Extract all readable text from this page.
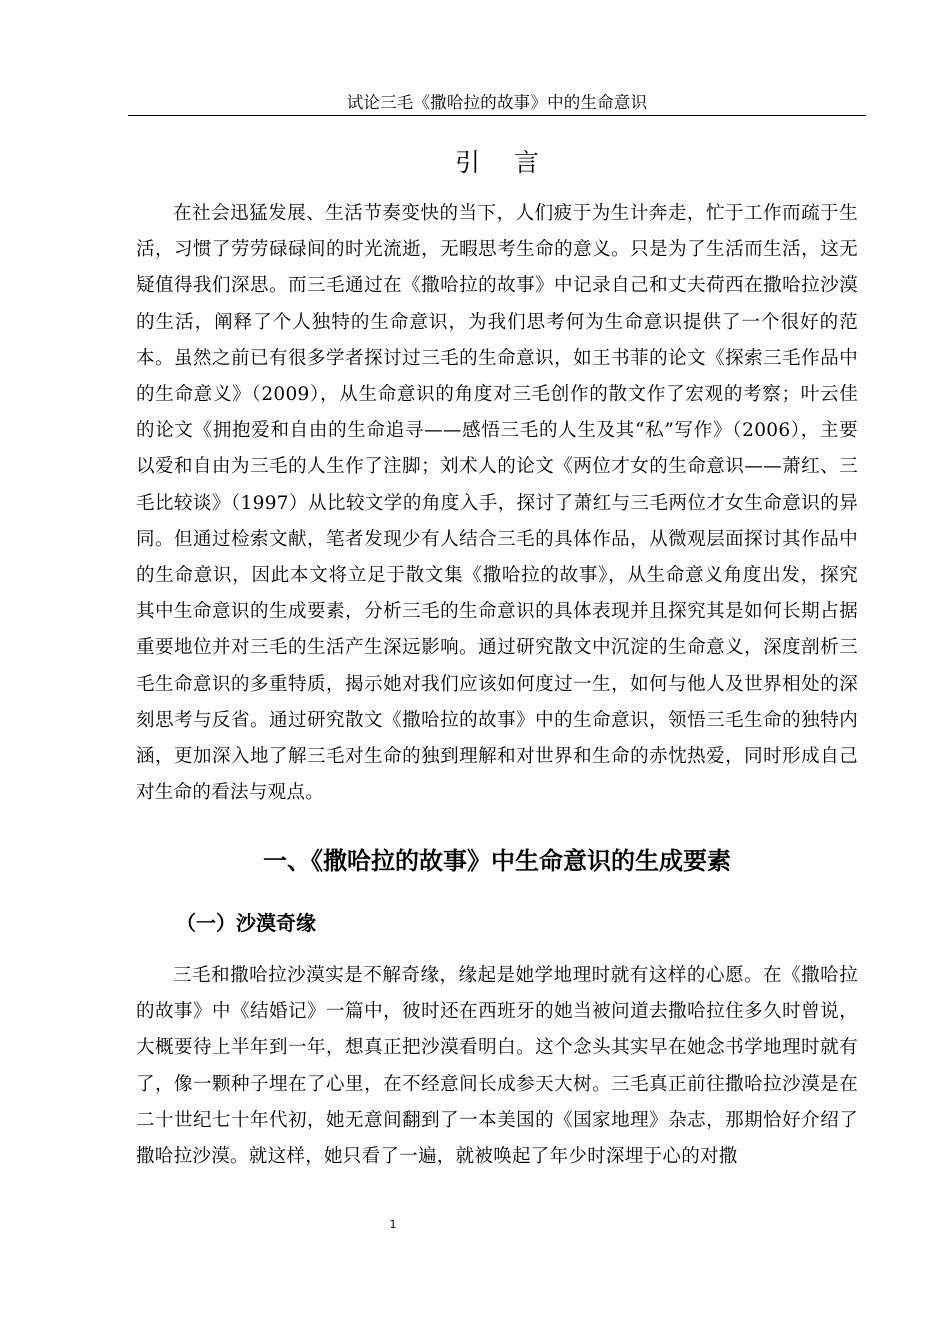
试论三毛《撒哈拉的故事》中的生命意识
引 言

在社会迅猛发展、生活节奏变快的当下，人们疲于为生计奔走，忙于工作而疏于生活，习惯了劳劳碌碌间的时光流逝，无暇思考生命的意义。只是为了生活而生活，这无疑值得我们深思。而三毛通过在《撒哈拉的故事》中记录自己和丈夫荷西在撒哈拉沙漠的生活，阐释了个人独特的生命意识，为我们思考何为生命意识提供了一个很好的范本。虽然之前已有很多学者探讨过三毛的生命意识，如王书菲的论文《探索三毛作品中的生命意义》（2009），从生命意识的角度对三毛创作的散文作了宏观的考察；叶云佳的论文《拥抱爱和自由的生命追寻——感悟三毛的人生及其“私”写作》（2006），主要以爱和自由为三毛的人生作了注脚；刘术人的论文《两位才女的生命意识——萧红、三毛比较谈》（1997）从比较文学的角度入手，探讨了萧红与三毛两位才女生命意识的异同。但通过检索文献，笔者发现少有人结合三毛的具体作品，从微观层面探讨其作品中的生命意识，因此本文将立足于散文集《撒哈拉的故事》，从生命意义角度出发，探究其中生命意识的生成要素，分析三毛的生命意识的具体表现并且探究其是如何长期占据重要地位并对三毛的生活产生深远影响。通过研究散文中沉淀的生命意义，深度剖析三毛生命意识的多重特质，揭示她对我们应该如何度过一生，如何与他人及世界相处的深刻思考与反省。通过研究散文《撒哈拉的故事》中的生命意识，领悟三毛生命的独特内涵，更加深入地了解三毛对生命的独到理解和对世界和生命的赤忱热爱，同时形成自己对生命的看法与观点。

一、《撒哈拉的故事》中生命意识的生成要素
（一）沙漠奇缘

三毛和撒哈拉沙漠实是不解奇缘，缘起是她学地理时就有这样的心愿。在《撒哈拉的故事》中《结婚记》一篇中，彼时还在西班牙的她当被问道去撒哈拉住多久时曾说，大概要待上半年到一年，想真正把沙漠看明白。这个念头其实早在她念书学地理时就有了，像一颗种子埋在了心里，在不经意间长成参天大树。三毛真正前往撒哈拉沙漠是在二十世纪七十年代初，她无意间翻到了一本美国的《国家地理》杂志，那期恰好介绍了撒哈拉沙漠。就这样，她只看了一遍，就被唤起了年少时深埋于心的对撒

1
